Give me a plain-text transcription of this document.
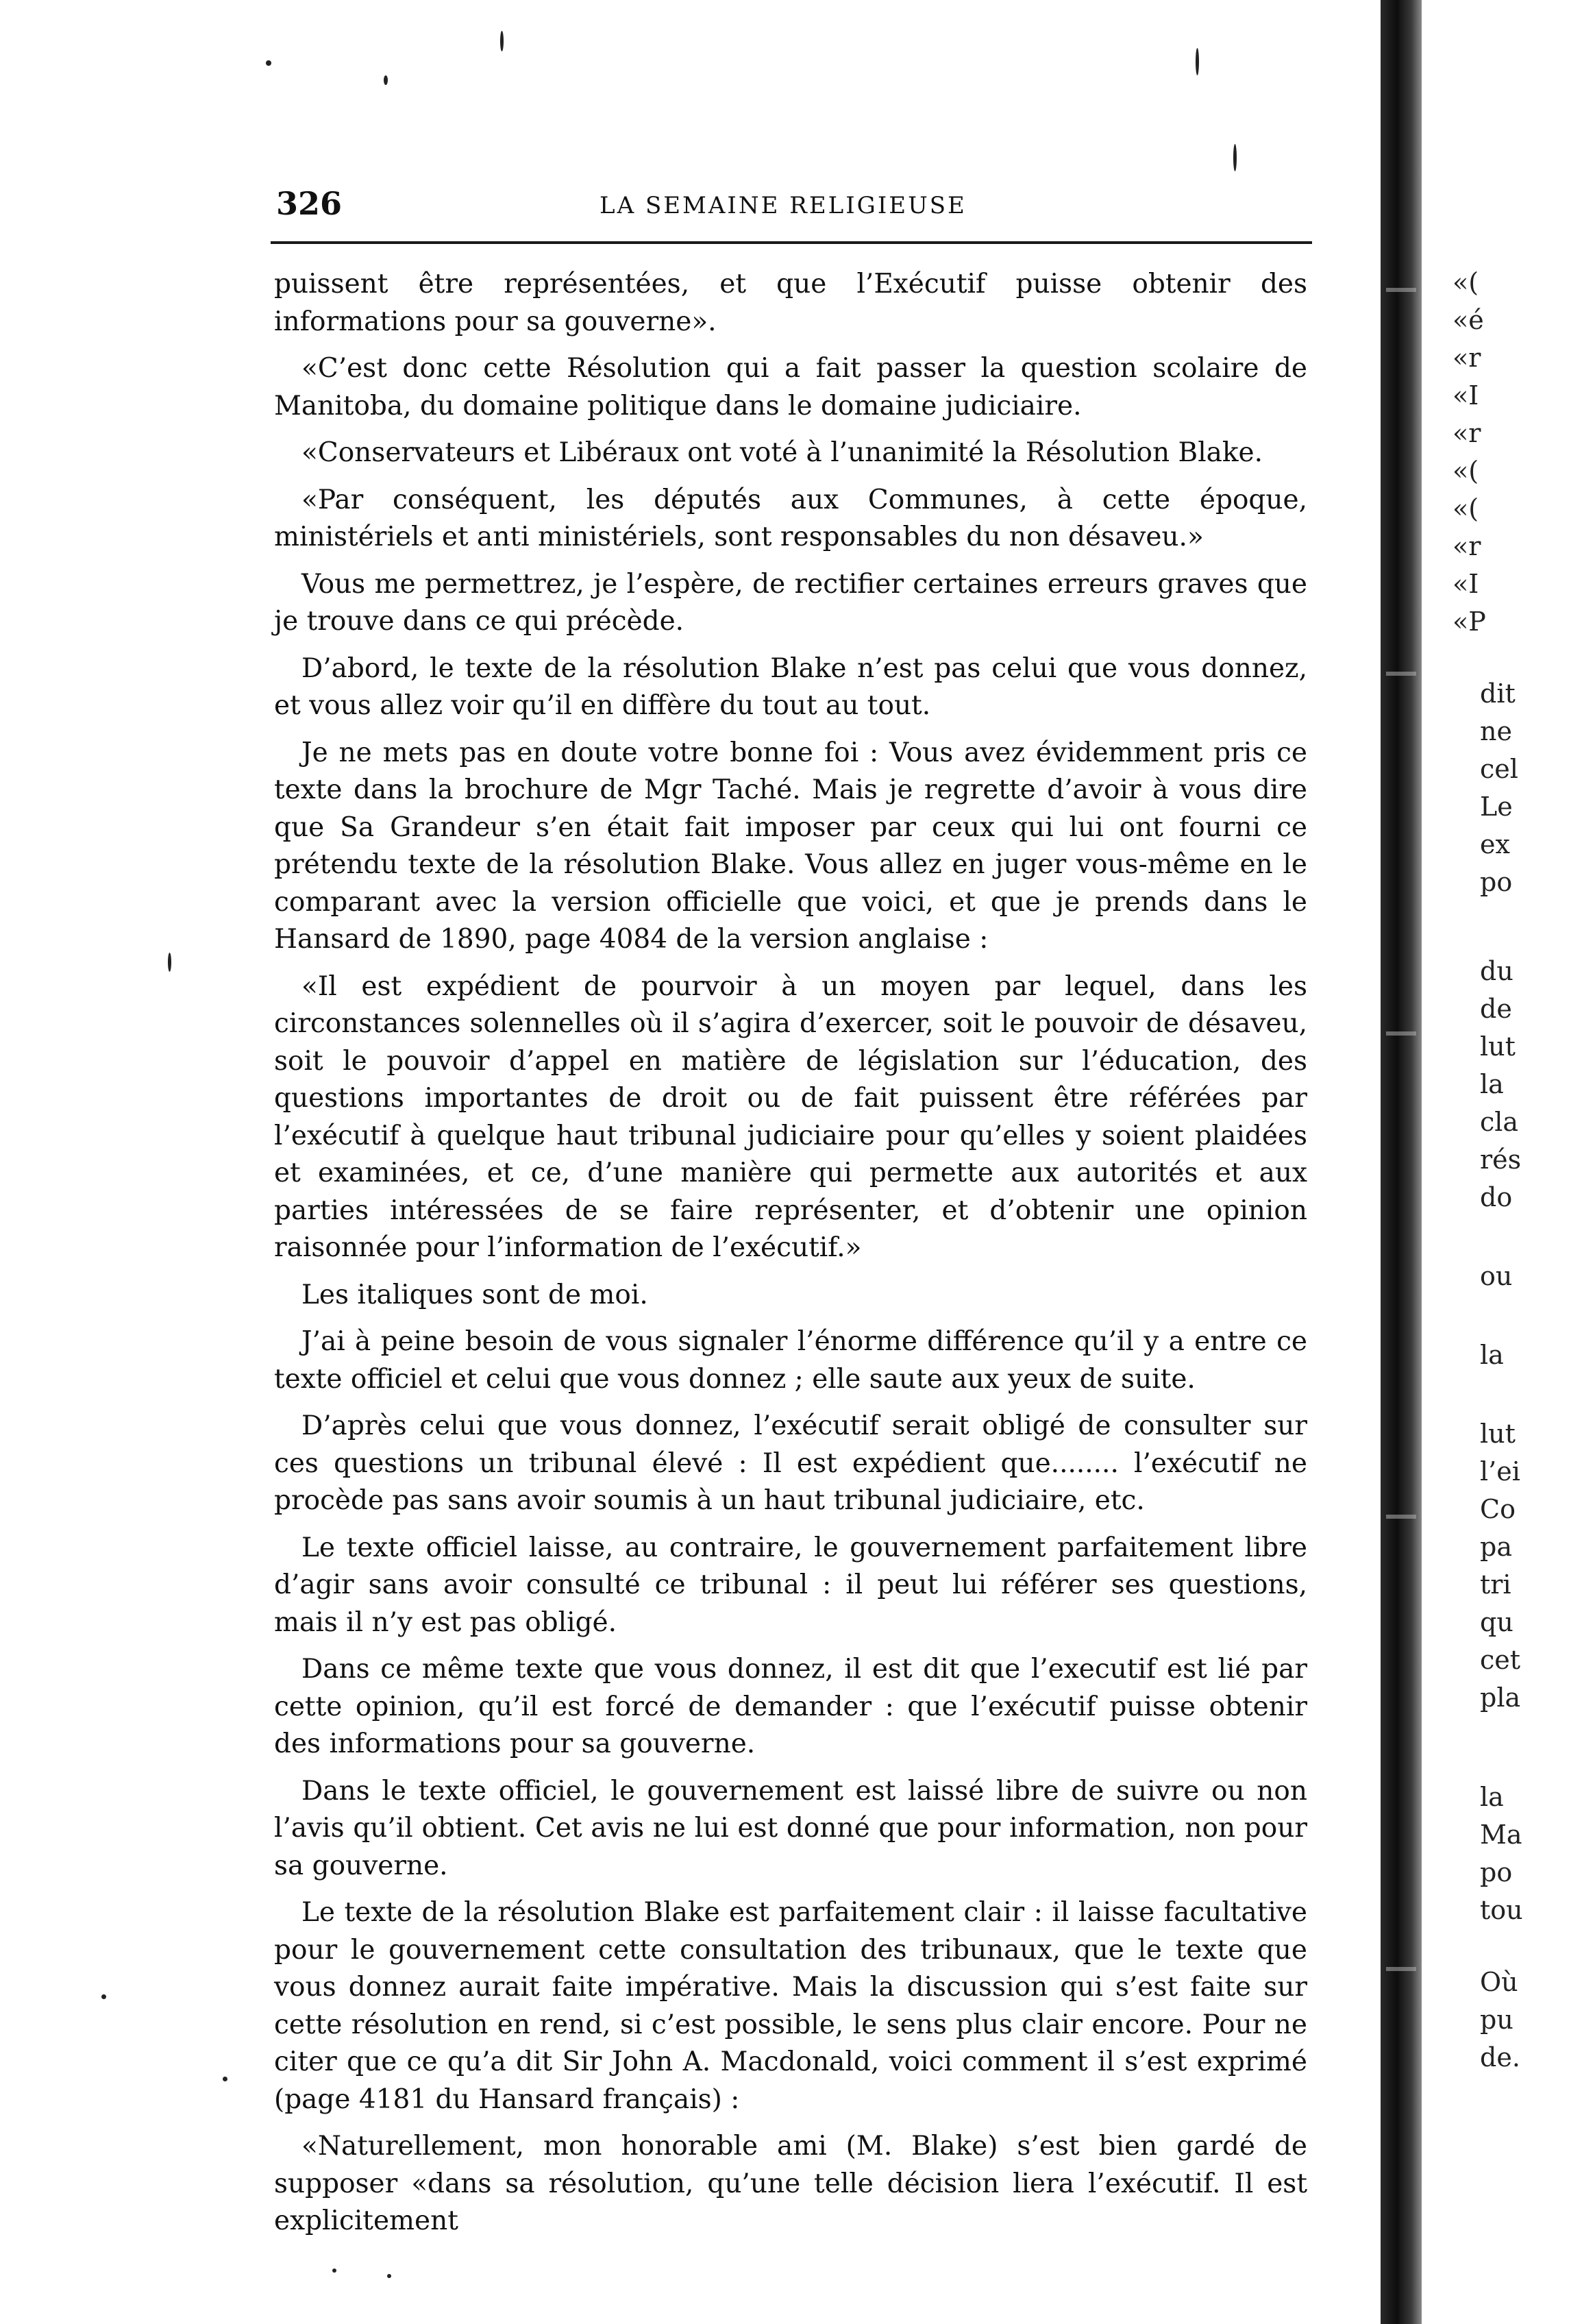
326	LA SEMAINE RELIGIEUSE

puissent être représentées, et que l’Exécutif puisse obtenir des informations pour sa gouverne».

«C’est donc cette Résolution qui a fait passer la question scolaire de Manitoba, du domaine politique dans le domaine judiciaire.

«Conservateurs et Libéraux ont voté à l’unanimité la Résolution Blake.

«Par conséquent, les députés aux Communes, à cette époque, ministériels et anti ministériels, sont responsables du non désaveu.»

Vous me permettrez, je l’espère, de rectifier certaines erreurs graves que je trouve dans ce qui précède.

D’abord, le texte de la résolution Blake n’est pas celui que vous donnez, et vous allez voir qu’il en diffère du tout au tout.

Je ne mets pas en doute votre bonne foi : Vous avez évidemment pris ce texte dans la brochure de Mgr Taché. Mais je regrette d’avoir à vous dire que Sa Grandeur s’en était fait imposer par ceux qui lui ont fourni ce prétendu texte de la résolution Blake. Vous allez en juger vous-même en le comparant avec la version officielle que voici, et que je prends dans le Hansard de 1890, page 4084 de la version anglaise :

«Il est expédient de pourvoir à un moyen par lequel, dans les circonstances solennelles où il s’agira d’exercer, soit le pouvoir de désaveu, soit le pouvoir d’appel en matière de législation sur l’éducation, des questions importantes de droit ou de fait puissent être référées par l’exécutif à quelque haut tribunal judiciaire pour qu’elles y soient plaidées et examinées, et ce, d’une manière qui permette aux autorités et aux parties intéressées de se faire représenter, et d’obtenir une opinion raisonnée pour l’information de l’exécutif.»

Les italiques sont de moi.

J’ai à peine besoin de vous signaler l’énorme différence qu’il y a entre ce texte officiel et celui que vous donnez ; elle saute aux yeux de suite.

D’après celui que vous donnez, l’exécutif serait obligé de consulter sur ces questions un tribunal élevé : Il est expédient que........ l’exécutif ne procède pas sans avoir soumis à un haut tribunal judiciaire, etc.

Le texte officiel laisse, au contraire, le gouvernement parfaitement libre d’agir sans avoir consulté ce tribunal : il peut lui référer ses questions, mais il n’y est pas obligé.

Dans ce même texte que vous donnez, il est dit que l’executif est lié par cette opinion, qu’il est forcé de demander : que l’exécutif puisse obtenir des informations pour sa gouverne.

Dans le texte officiel, le gouvernement est laissé libre de suivre ou non l’avis qu’il obtient. Cet avis ne lui est donné que pour information, non pour sa gouverne.

Le texte de la résolution Blake est parfaitement clair : il laisse facultative pour le gouvernement cette consultation des tribunaux, que le texte que vous donnez aurait faite impérative. Mais la discussion qui s’est faite sur cette résolution en rend, si c’est possible, le sens plus clair encore. Pour ne citer que ce qu’a dit Sir John A. Macdonald, voici comment il s’est exprimé (page 4181 du Hansard français) :

«Naturellement, mon honorable ami (M. Blake) s’est bien gardé de supposer «dans sa résolution, qu’une telle décision liera l’exécutif. Il est explicitement

«(
«é
«r
«I
«r
«(
«(
«r
«I
«P
dit
ne
cel
Le
ex
po
du
de
lut
la
cla
rés
do
ou
la
lut
l’ei
Co
pa
tri
qu
cet
pla
la
Ma
po
tou
Où
pu
de.
